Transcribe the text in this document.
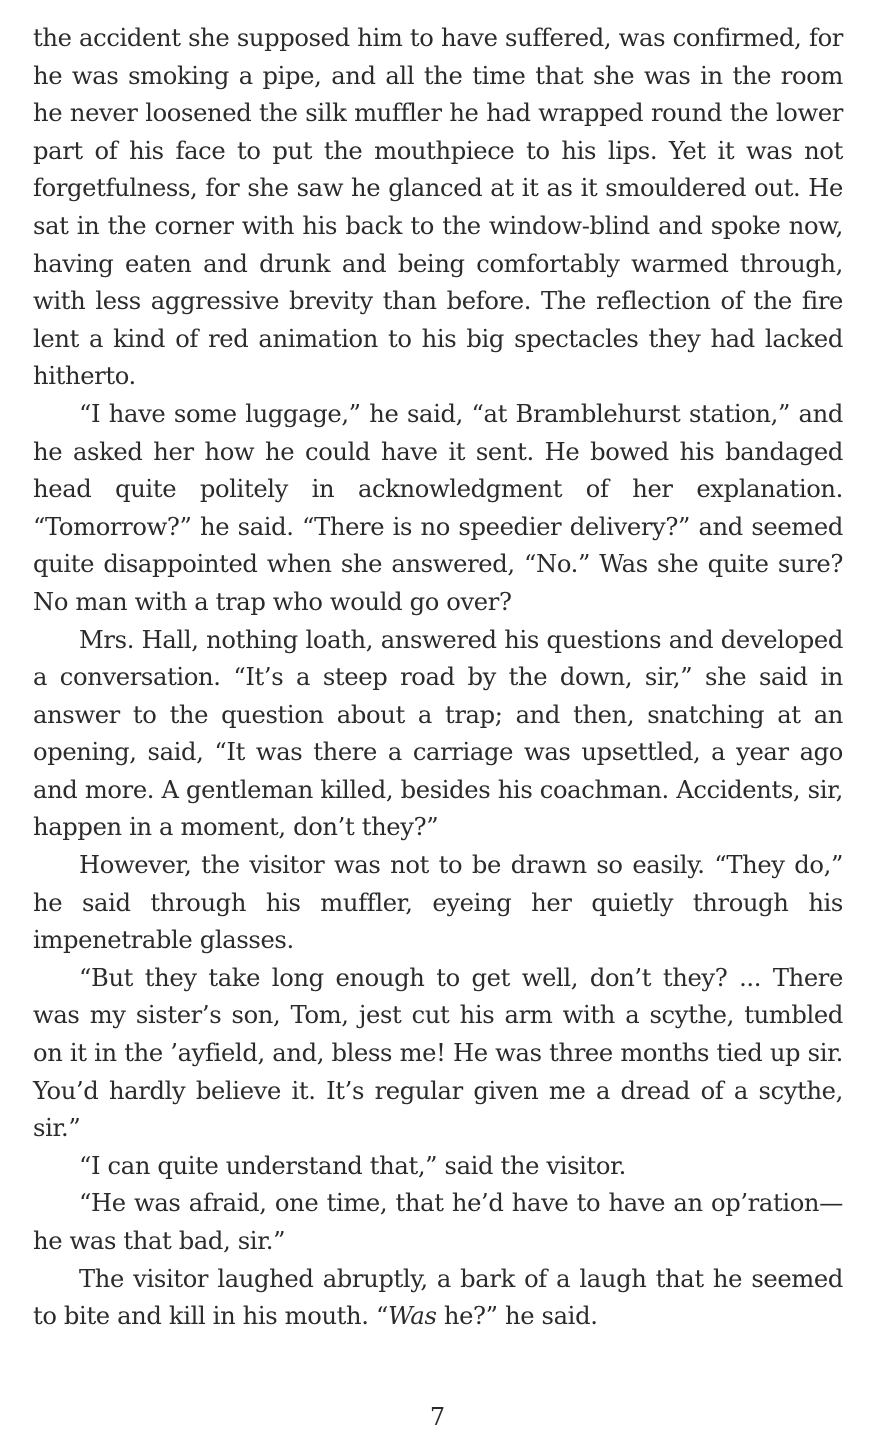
the accident she supposed him to have suffered, was confirmed, for he was smoking a pipe, and all the time that she was in the room he never loosened the silk muffler he had wrapped round the lower part of his face to put the mouthpiece to his lips. Yet it was not forgetfulness, for she saw he glanced at it as it smouldered out. He sat in the corner with his back to the window-blind and spoke now, having eaten and drunk and being comfortably warmed through, with less aggressive brevity than before. The reflection of the fire lent a kind of red animation to his big spectacles they had lacked hitherto.

“I have some luggage,” he said, “at Bramblehurst station,” and he asked her how he could have it sent. He bowed his bandaged head quite politely in acknowledgment of her explanation. “Tomorrow?” he said. “There is no speedier delivery?” and seemed quite disappointed when she answered, “No.” Was she quite sure? No man with a trap who would go over?

Mrs. Hall, nothing loath, answered his questions and developed a conversation. “It’s a steep road by the down, sir,” she said in answer to the question about a trap; and then, snatching at an opening, said, “It was there a carriage was upsettled, a year ago and more. A gentleman killed, besides his coachman. Accidents, sir, happen in a moment, don’t they?”

However, the visitor was not to be drawn so easily. “They do,” he said through his muffler, eyeing her quietly through his impenetrable glasses.

“But they take long enough to get well, don’t they? ... There was my sister’s son, Tom, jest cut his arm with a scythe, tumbled on it in the ’ayfield, and, bless me! He was three months tied up sir. You’d hardly believe it. It’s regular given me a dread of a scythe, sir.”

“I can quite understand that,” said the visitor.

“He was afraid, one time, that he’d have to have an op’ration—he was that bad, sir.”

The visitor laughed abruptly, a bark of a laugh that he seemed to bite and kill in his mouth. “Was he?” he said.

7
